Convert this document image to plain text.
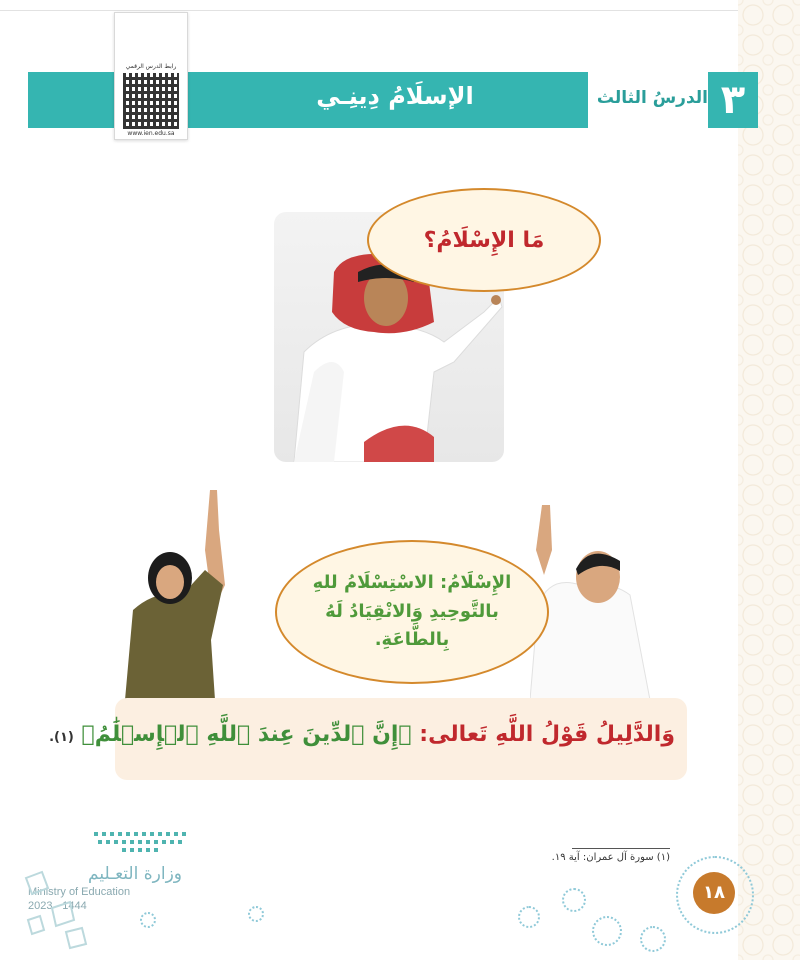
الإسلَامُ دِينِـي	الدرسُ الثالث ٣
رابط الدرس الرقمي
www.ien.edu.sa
مَا الإِسْلَامُ؟
الإِسْلَامُ: الاسْتِسْلَامُ للهِ بالتَّوحِيدِ وَالانْقِيَادُ لَهُ بِالطَّاعَةِ.
وَالدَّلِيلُ قَوْلُ اللَّهِ تَعالى: ﴿إِنَّ ٱلدِّينَ عِندَ ٱللَّهِ ٱلۡإِسۡلَٰمُ﴾ (١).
(١) سورة آل عمران: آية ١٩.
١٨
وزارة التعـليم
Ministry of Education
2023 - 1444
